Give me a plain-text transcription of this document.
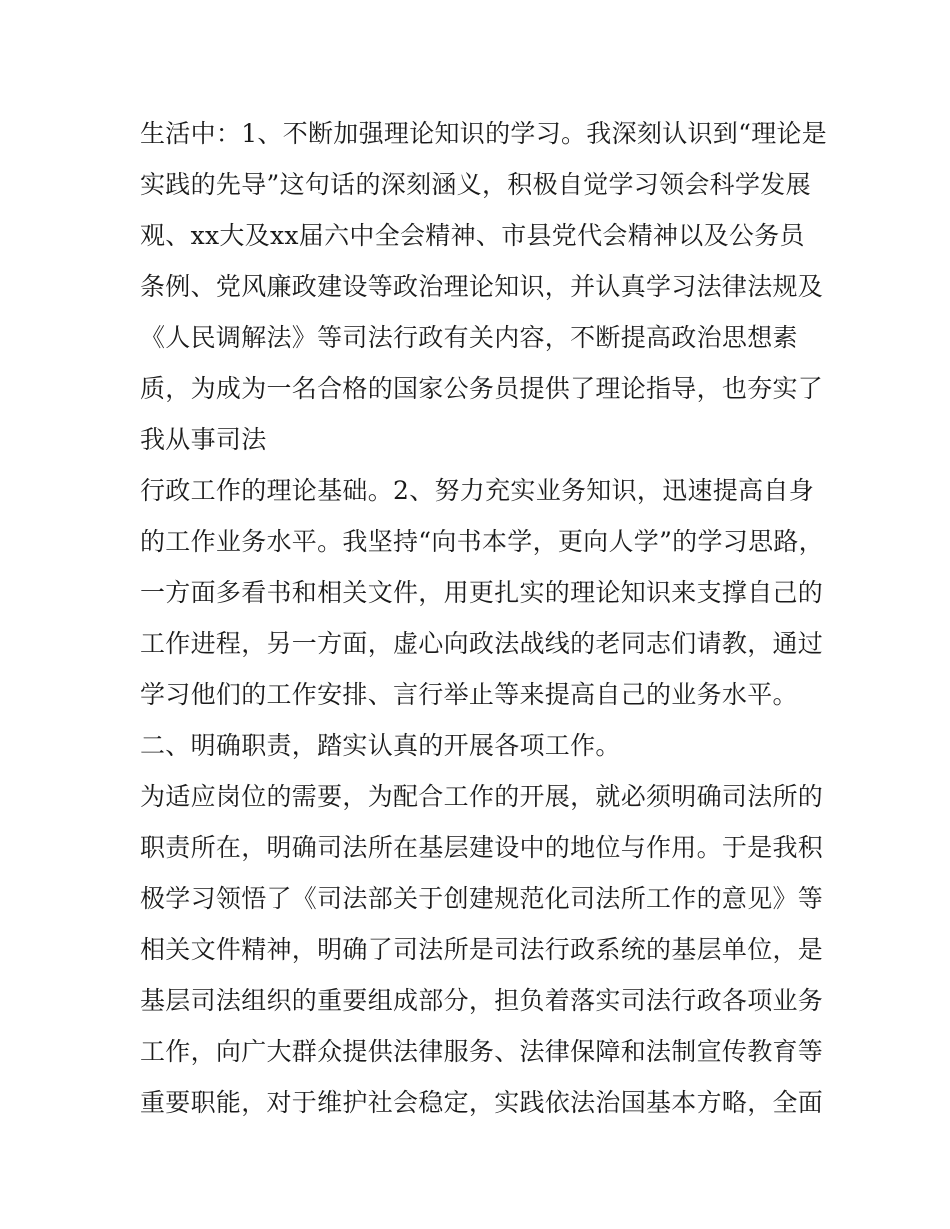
生活中：1、不断加强理论知识的学习。我深刻认识到“理论是
实践的先导”这句话的深刻涵义，积极自觉学习领会科学发展
观、xx大及xx届六中全会精神、市县党代会精神以及公务员
条例、党风廉政建设等政治理论知识，并认真学习法律法规及
《人民调解法》等司法行政有关内容，不断提高政治思想素
质，为成为一名合格的国家公务员提供了理论指导，也夯实了
我从事司法
行政工作的理论基础。2、努力充实业务知识，迅速提高自身
的工作业务水平。我坚持“向书本学，更向人学”的学习思路，
一方面多看书和相关文件，用更扎实的理论知识来支撑自己的
工作进程，另一方面，虚心向政法战线的老同志们请教，通过
学习他们的工作安排、言行举止等来提高自己的业务水平。
二、明确职责，踏实认真的开展各项工作。
为适应岗位的需要，为配合工作的开展，就必须明确司法所的
职责所在，明确司法所在基层建设中的地位与作用。于是我积
极学习领悟了《司法部关于创建规范化司法所工作的意见》等
相关文件精神，明确了司法所是司法行政系统的基层单位，是
基层司法组织的重要组成部分，担负着落实司法行政各项业务
工作，向广大群众提供法律服务、法律保障和法制宣传教育等
重要职能，对于维护社会稳定，实践依法治国基本方略，全面
